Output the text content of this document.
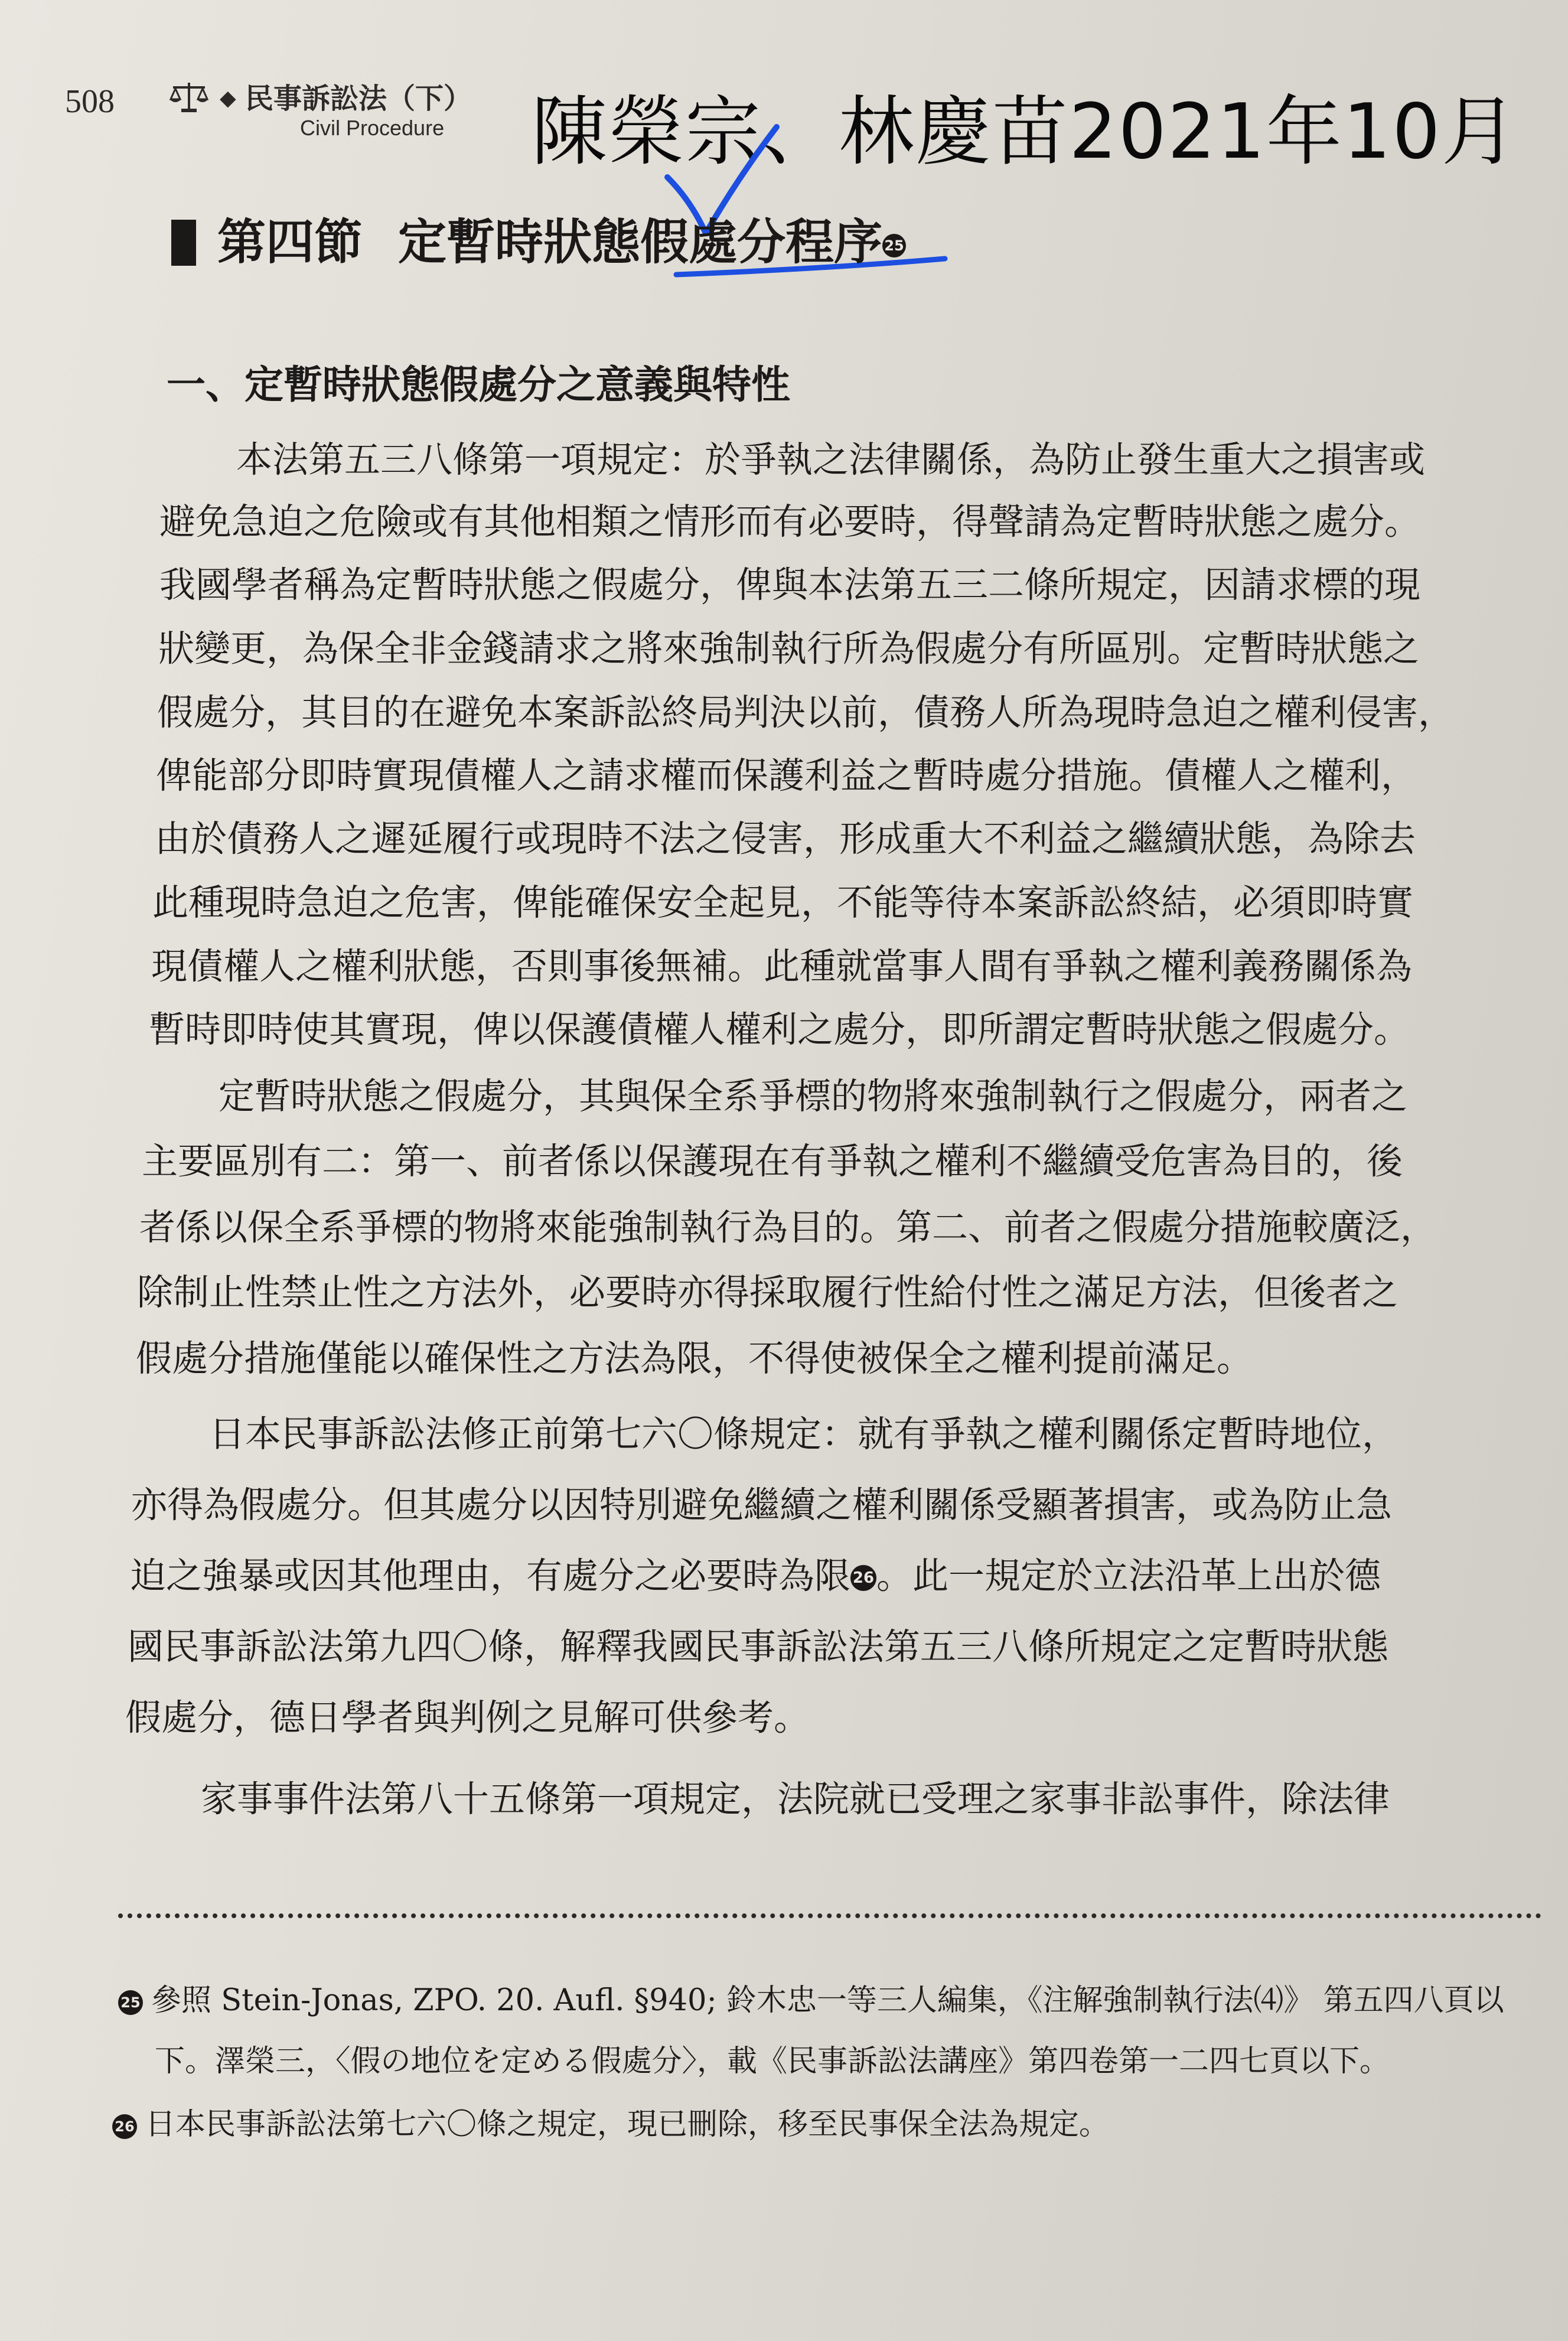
508	◆ 民事訴訟法（下）
Civil Procedure 陳榮宗、林慶苗2021年10月
第四節 定暫時狀態假處分程序 25
一、定暫時狀態假處分之意義與特性
本法第五三八條第一項規定：於爭執之法律關係，為防止發生重大之損害或
避免急迫之危險或有其他相類之情形而有必要時，得聲請為定暫時狀態之處分。
我國學者稱為定暫時狀態之假處分，俾與本法第五三二條所規定，因請求標的現
狀變更，為保全非金錢請求之將來強制執行所為假處分有所區別。定暫時狀態之
假處分，其目的在避免本案訴訟終局判決以前，債務人所為現時急迫之權利侵害，
俾能部分即時實現債權人之請求權而保護利益之暫時處分措施。債權人之權利，
由於債務人之遲延履行或現時不法之侵害，形成重大不利益之繼續狀態，為除去
此種現時急迫之危害，俾能確保安全起見，不能等待本案訴訟終結，必須即時實
現債權人之權利狀態，否則事後無補。此種就當事人間有爭執之權利義務關係為
暫時即時使其實現，俾以保護債權人權利之處分，即所謂定暫時狀態之假處分。
定暫時狀態之假處分，其與保全系爭標的物將來強制執行之假處分，兩者之
主要區別有二：第一、前者係以保護現在有爭執之權利不繼續受危害為目的，後
者係以保全系爭標的物將來能強制執行為目的。第二、前者之假處分措施較廣泛，
除制止性禁止性之方法外，必要時亦得採取履行性給付性之滿足方法，但後者之
假處分措施僅能以確保性之方法為限，不得使被保全之權利提前滿足。
日本民事訴訟法修正前第七六〇條規定：就有爭執之權利關係定暫時地位，
亦得為假處分。但其處分以因特別避免繼續之權利關係受顯著損害，或為防止急
迫之強暴或因其他理由，有處分之必要時為限 26。此一規定於立法沿革上出於德
國民事訴訟法第九四〇條，解釋我國民事訴訟法第五三八條所規定之定暫時狀態
假處分，德日學者與判例之見解可供參考。
家事事件法第八十五條第一項規定，法院就已受理之家事非訟事件，除法律
25 參照 Stein-Jonas, ZPO. 20. Aufl. §940; 鈴木忠一等三人編集，《注解強制執行法⑷》 第五四八頁以
下。澤榮三，〈假の地位を定める假處分〉，載《民事訴訟法講座》第四卷第一二四七頁以下。
26 日本民事訴訟法第七六〇條之規定，現已刪除，移至民事保全法為規定。
